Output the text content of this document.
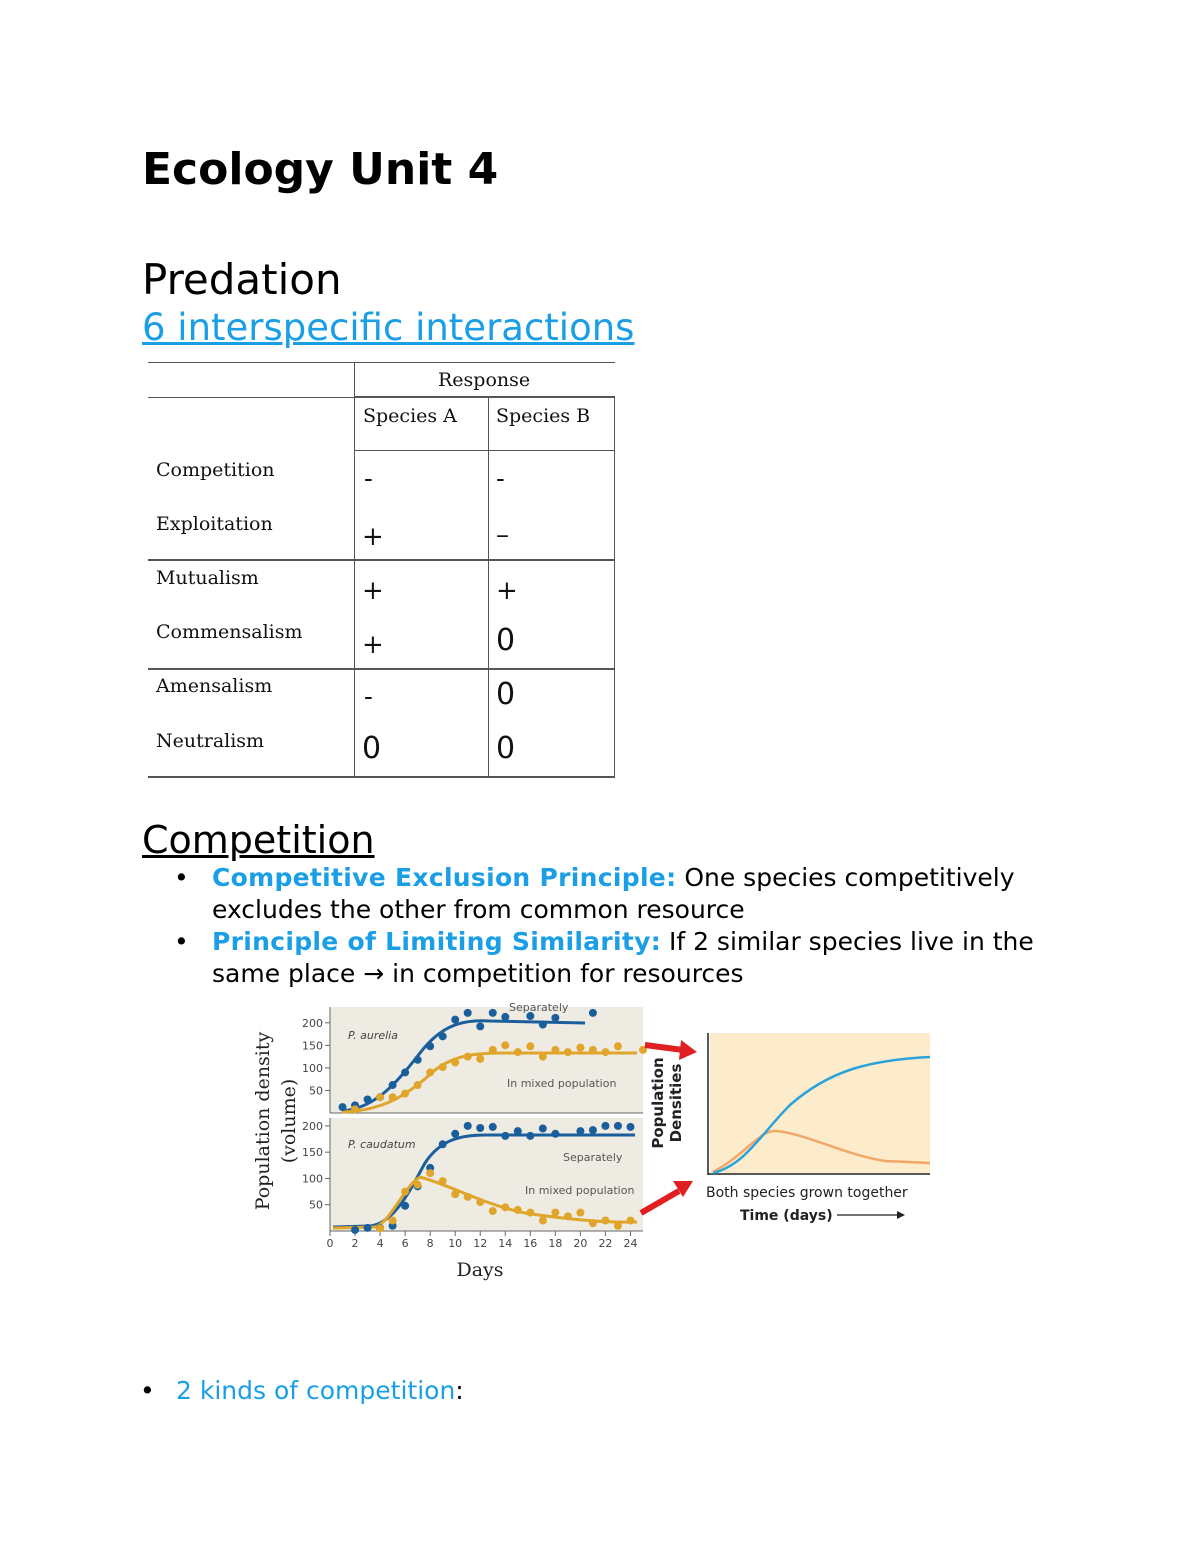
Ecology Unit 4
Predation
6 interspecific interactions
Response
Species A Species B
Competition	-	-
Exploitation	+	–
Mutualism	+	+
Commensalism +	0
Amensalism	-	0
Neutralism	0	0
Competition
• Competitive Exclusion Principle: One species competitively excludes the other from common resource
• Principle of Limiting Similarity: If 2 similar species live in the same place → in competition for resources
50
100
150
200
50
100
150
200
0 2 4 6 8 10 12 14 16 18 20 22 24
P. aurelia
Separately
In mixed population
P. caudatum
Separately
In mixed population
Population density (volume)
Days
Population Densities
Both species grown together
Time (days)
• 2 kinds of competition:
